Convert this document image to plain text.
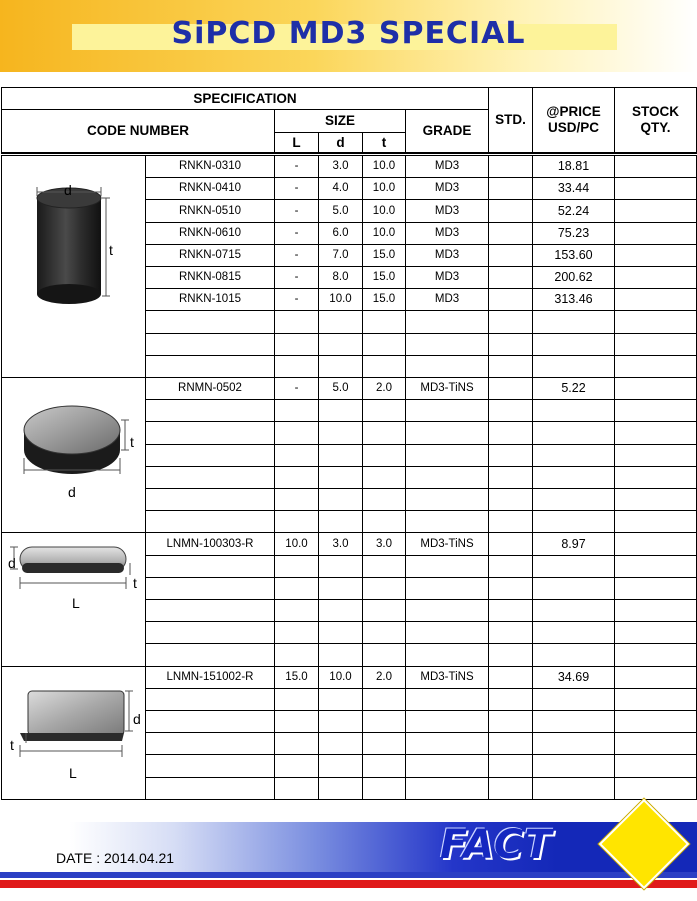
SiPCD MD3 SPECIAL
SPECIFICATION
CODE NUMBER
SIZE
L	d	t
GRADE
STD.
@PRICE
USD/PC
STOCK
QTY.
d
t
RNKN-0310	-	3.0	10.0	MD3	18.81
RNKN-0410	-	4.0	10.0	MD3	33.44
RNKN-0510	-	5.0	10.0	MD3	52.24
RNKN-0610	-	6.0	10.0	MD3	75.23
RNKN-0715	-	7.0	15.0	MD3	153.60
RNKN-0815	-	8.0	15.0	MD3	200.62
RNKN-1015	-	10.0	15.0	MD3	313.46
t
d
RNMN-0502	-	5.0	2.0	MD3-TiNS	5.22
d
t
L
LNMN-100303-R	10.0	3.0	3.0	MD3-TiNS	8.97
d
t
L
LNMN-151002-R	15.0	10.0	2.0	MD3-TiNS	34.69
DATE : 2014.04.21	FACT
